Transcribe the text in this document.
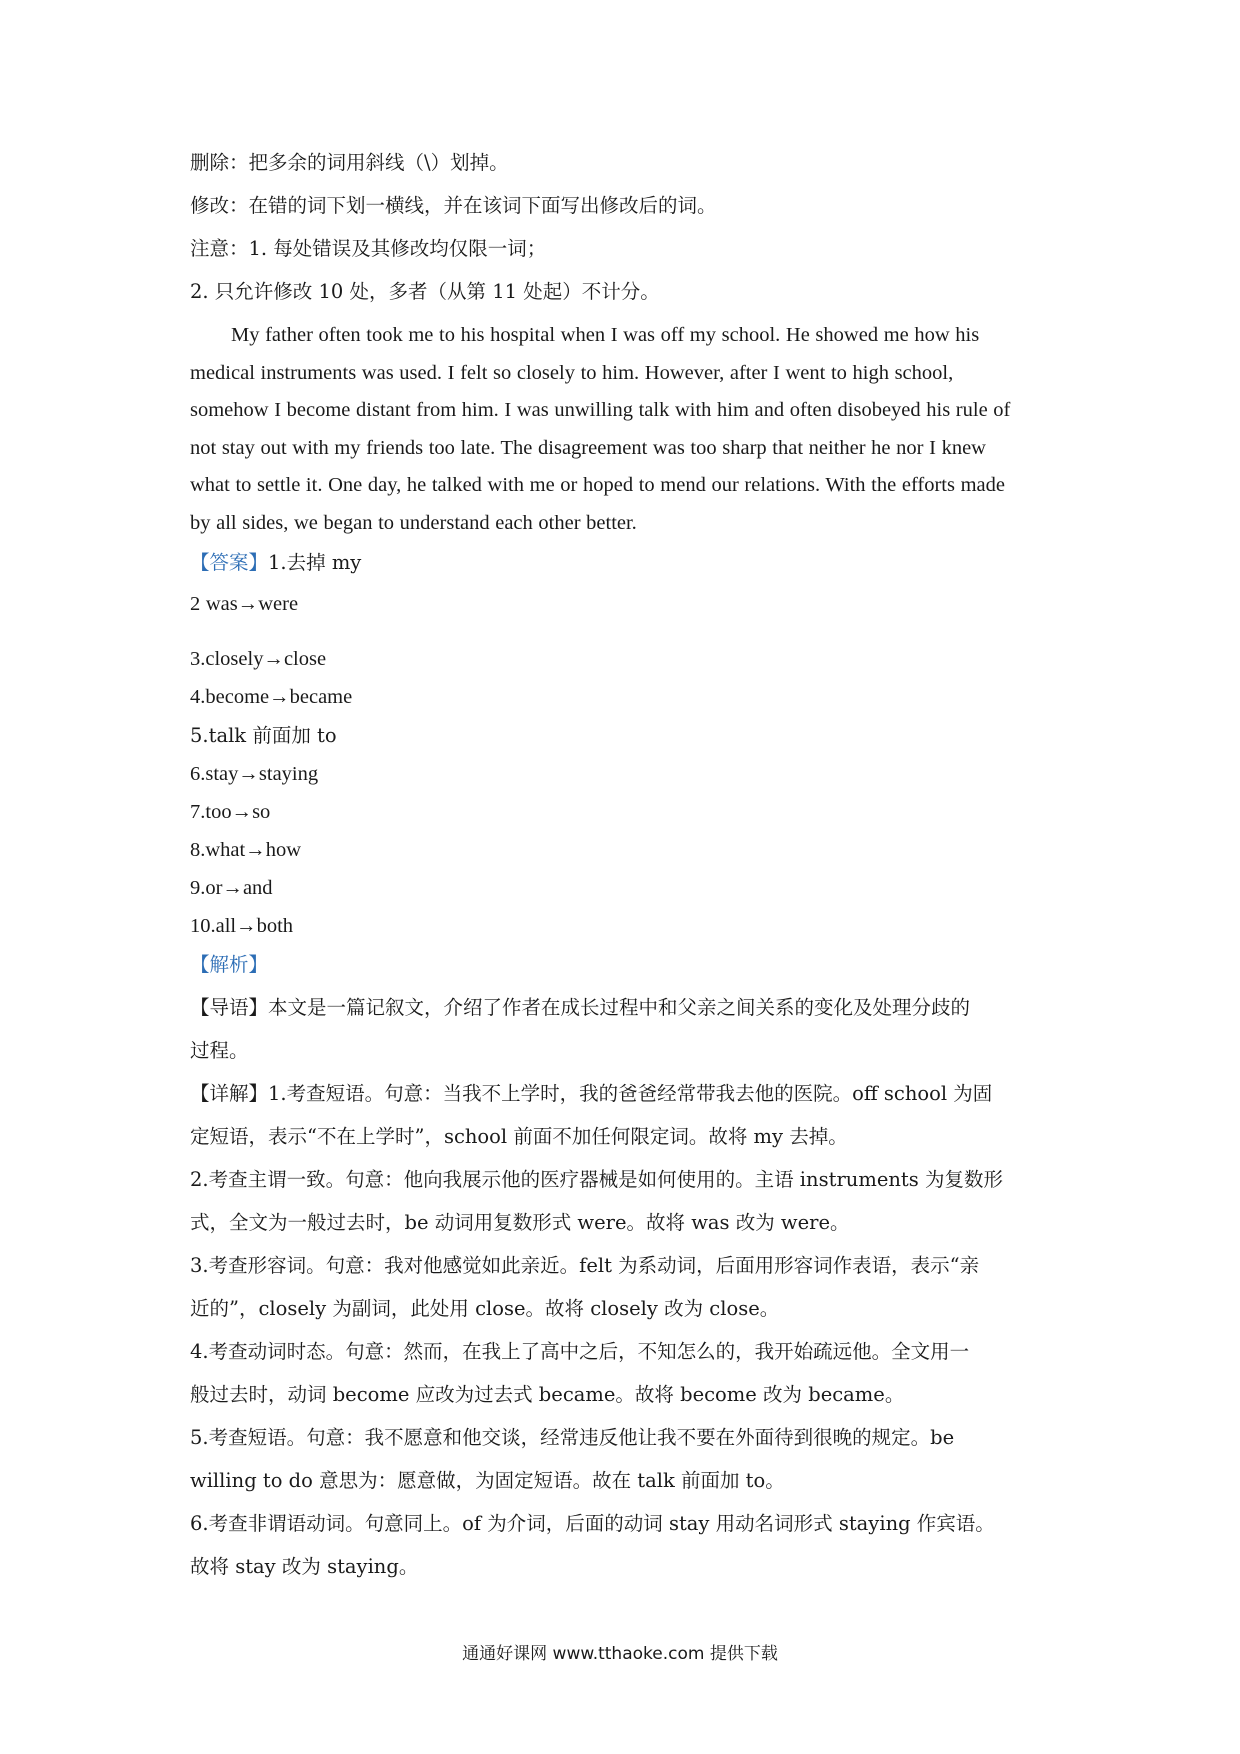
删除：把多余的词用斜线（\）划掉。
修改：在错的词下划一横线，并在该词下面写出修改后的词。
注意：1. 每处错误及其修改均仅限一词；
2. 只允许修改 10 处，多者（从第 11 处起）不计分。
My father often took me to his hospital when I was off my school. He showed me how his
medical instruments was used. I felt so closely to him. However, after I went to high school,
somehow I become distant from him. I was unwilling talk with him and often disobeyed his rule of
not stay out with my friends too late. The disagreement was too sharp that neither he nor I knew
what to settle it. One day, he talked with me or hoped to mend our relations. With the efforts made
by all sides, we began to understand each other better.
【答案】1.去掉 my
2 was→were
3.closely→close
4.become→became
5.talk 前面加 to
6.stay→staying
7.too→so
8.what→how
9.or→and
10.all→both
【解析】
【导语】本文是一篇记叙文，介绍了作者在成长过程中和父亲之间关系的变化及处理分歧的
过程。
【详解】1.考查短语。句意：当我不上学时，我的爸爸经常带我去他的医院。off school 为固
定短语，表示“不在上学时”，school 前面不加任何限定词。故将 my 去掉。
2.考查主谓一致。句意：他向我展示他的医疗器械是如何使用的。主语 instruments 为复数形
式，全文为一般过去时，be 动词用复数形式 were。故将 was 改为 were。
3.考查形容词。句意：我对他感觉如此亲近。felt 为系动词，后面用形容词作表语，表示“亲
近的”，closely 为副词，此处用 close。故将 closely 改为 close。
4.考查动词时态。句意：然而，在我上了高中之后，不知怎么的，我开始疏远他。全文用一
般过去时，动词 become 应改为过去式 became。故将 become 改为 became。
5.考查短语。句意：我不愿意和他交谈，经常违反他让我不要在外面待到很晚的规定。be
willing to do 意思为：愿意做，为固定短语。故在 talk 前面加 to。
6.考查非谓语动词。句意同上。of 为介词，后面的动词 stay 用动名词形式 staying 作宾语。
故将 stay 改为 staying。
通通好课网 www.tthaoke.com 提供下载
